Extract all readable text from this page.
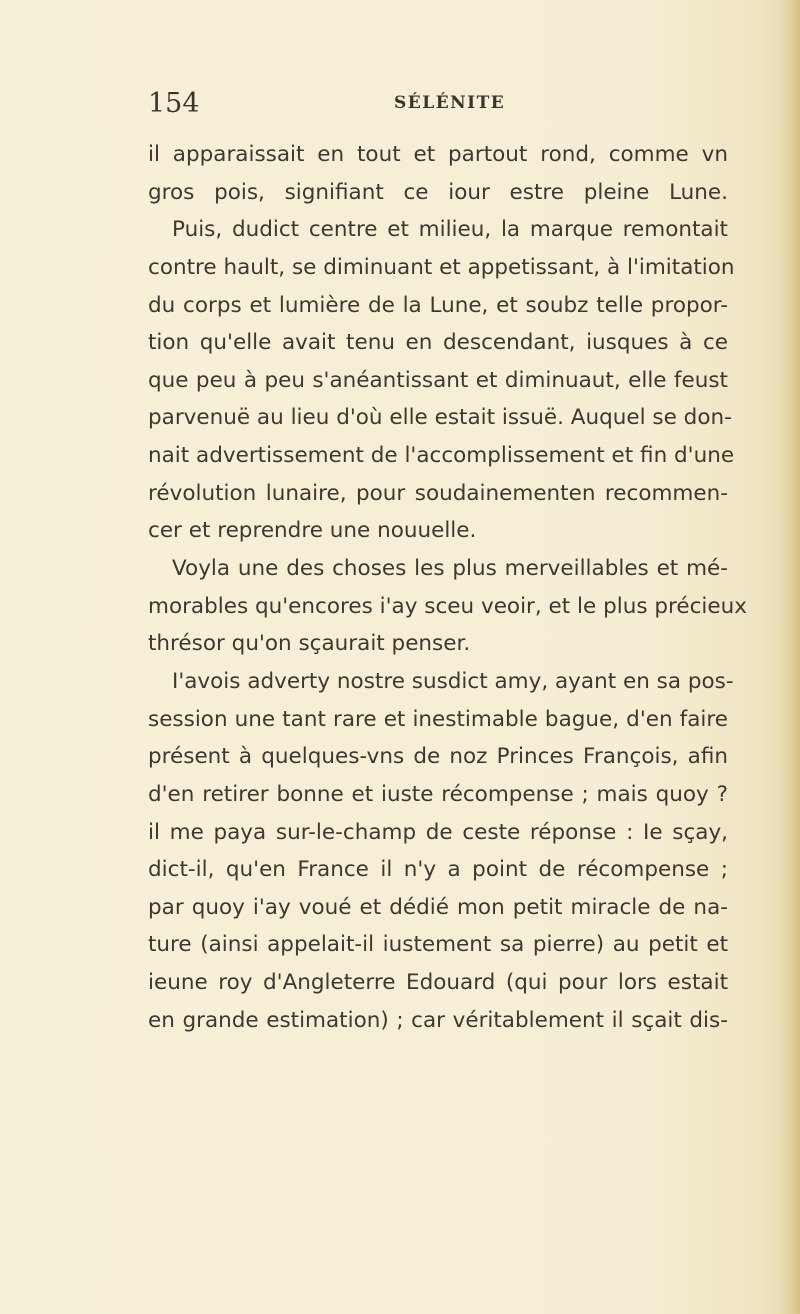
154	SÉLÉNITE
il apparaissait en tout et partout rond, comme vn
gros pois, signifiant ce iour estre pleine Lune.
Puis, dudict centre et milieu, la marque remontait
contre hault, se diminuant et appetissant, à l'imitation
du corps et lumière de la Lune, et soubz telle propor-
tion qu'elle avait tenu en descendant, iusques à ce
que peu à peu s'anéantissant et diminuaut, elle feust
parvenuë au lieu d'où elle estait issuë. Auquel se don-
nait advertissement de l'accomplissement et fin d'une
révolution lunaire, pour soudainementen recommen-
cer et reprendre une nouuelle.
Voyla une des choses les plus merveillables et mé-
morables qu'encores i'ay sceu veoir, et le plus précieux
thrésor qu'on sçaurait penser.
I'avois adverty nostre susdict amy, ayant en sa pos-
session une tant rare et inestimable bague, d'en faire
présent à quelques-vns de noz Princes François, afin
d'en retirer bonne et iuste récompense ; mais quoy ?
il me paya sur-le-champ de ceste réponse : Ie sçay,
dict-il, qu'en France il n'y a point de récompense ;
par quoy i'ay voué et dédié mon petit miracle de na-
ture (ainsi appelait-il iustement sa pierre) au petit et
ieune roy d'Angleterre Edouard (qui pour lors estait
en grande estimation) ; car véritablement il sçait dis-
